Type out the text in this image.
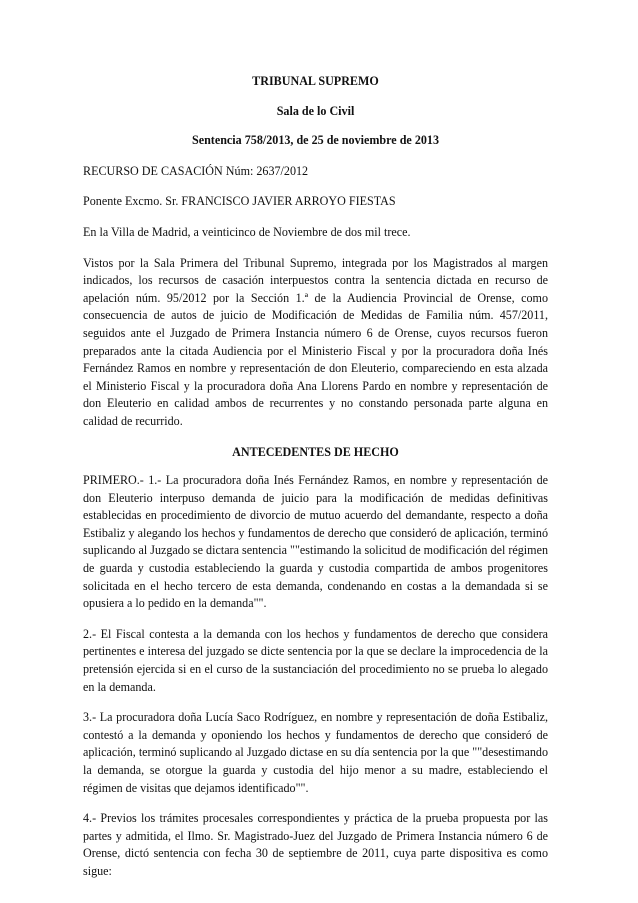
TRIBUNAL SUPREMO
Sala de lo Civil
Sentencia 758/2013, de 25 de noviembre de 2013
RECURSO DE CASACIÓN Núm: 2637/2012
Ponente Excmo. Sr. FRANCISCO JAVIER ARROYO FIESTAS
En la Villa de Madrid, a veinticinco de Noviembre de dos mil trece.
Vistos por la Sala Primera del Tribunal Supremo, integrada por los Magistrados al margen indicados, los recursos de casación interpuestos contra la sentencia dictada en recurso de apelación núm. 95/2012 por la Sección 1.ª de la Audiencia Provincial de Orense, como consecuencia de autos de juicio de Modificación de Medidas de Familia núm. 457/2011, seguidos ante el Juzgado de Primera Instancia número 6 de Orense, cuyos recursos fueron preparados ante la citada Audiencia por el Ministerio Fiscal y por la procuradora doña Inés Fernández Ramos en nombre y representación de don Eleuterio, compareciendo en esta alzada el Ministerio Fiscal y la procuradora doña Ana Llorens Pardo en nombre y representación de don Eleuterio en calidad ambos de recurrentes y no constando personada parte alguna en calidad de recurrido.
ANTECEDENTES DE HECHO
PRIMERO.- 1.- La procuradora doña Inés Fernández Ramos, en nombre y representación de don Eleuterio interpuso demanda de juicio para la modificación de medidas definitivas establecidas en procedimiento de divorcio de mutuo acuerdo del demandante, respecto a doña Estibaliz y alegando los hechos y fundamentos de derecho que consideró de aplicación, terminó suplicando al Juzgado se dictara sentencia ""estimando la solicitud de modificación del régimen de guarda y custodia estableciendo la guarda y custodia compartida de ambos progenitores solicitada en el hecho tercero de esta demanda, condenando en costas a la demandada si se opusiera a lo pedido en la demanda"".
2.- El Fiscal contesta a la demanda con los hechos y fundamentos de derecho que considera pertinentes e interesa del juzgado se dicte sentencia por la que se declare la improcedencia de la pretensión ejercida si en el curso de la sustanciación del procedimiento no se prueba lo alegado en la demanda.
3.- La procuradora doña Lucía Saco Rodríguez, en nombre y representación de doña Estibaliz, contestó a la demanda y oponiendo los hechos y fundamentos de derecho que consideró de aplicación, terminó suplicando al Juzgado dictase en su día sentencia por la que ""desestimando la demanda, se otorgue la guarda y custodia del hijo menor a su madre, estableciendo el régimen de visitas que dejamos identificado"".
4.- Previos los trámites procesales correspondientes y práctica de la prueba propuesta por las partes y admitida, el Ilmo. Sr. Magistrado-Juez del Juzgado de Primera Instancia número 6 de Orense, dictó sentencia con fecha 30 de septiembre de 2011, cuya parte dispositiva es como sigue:
